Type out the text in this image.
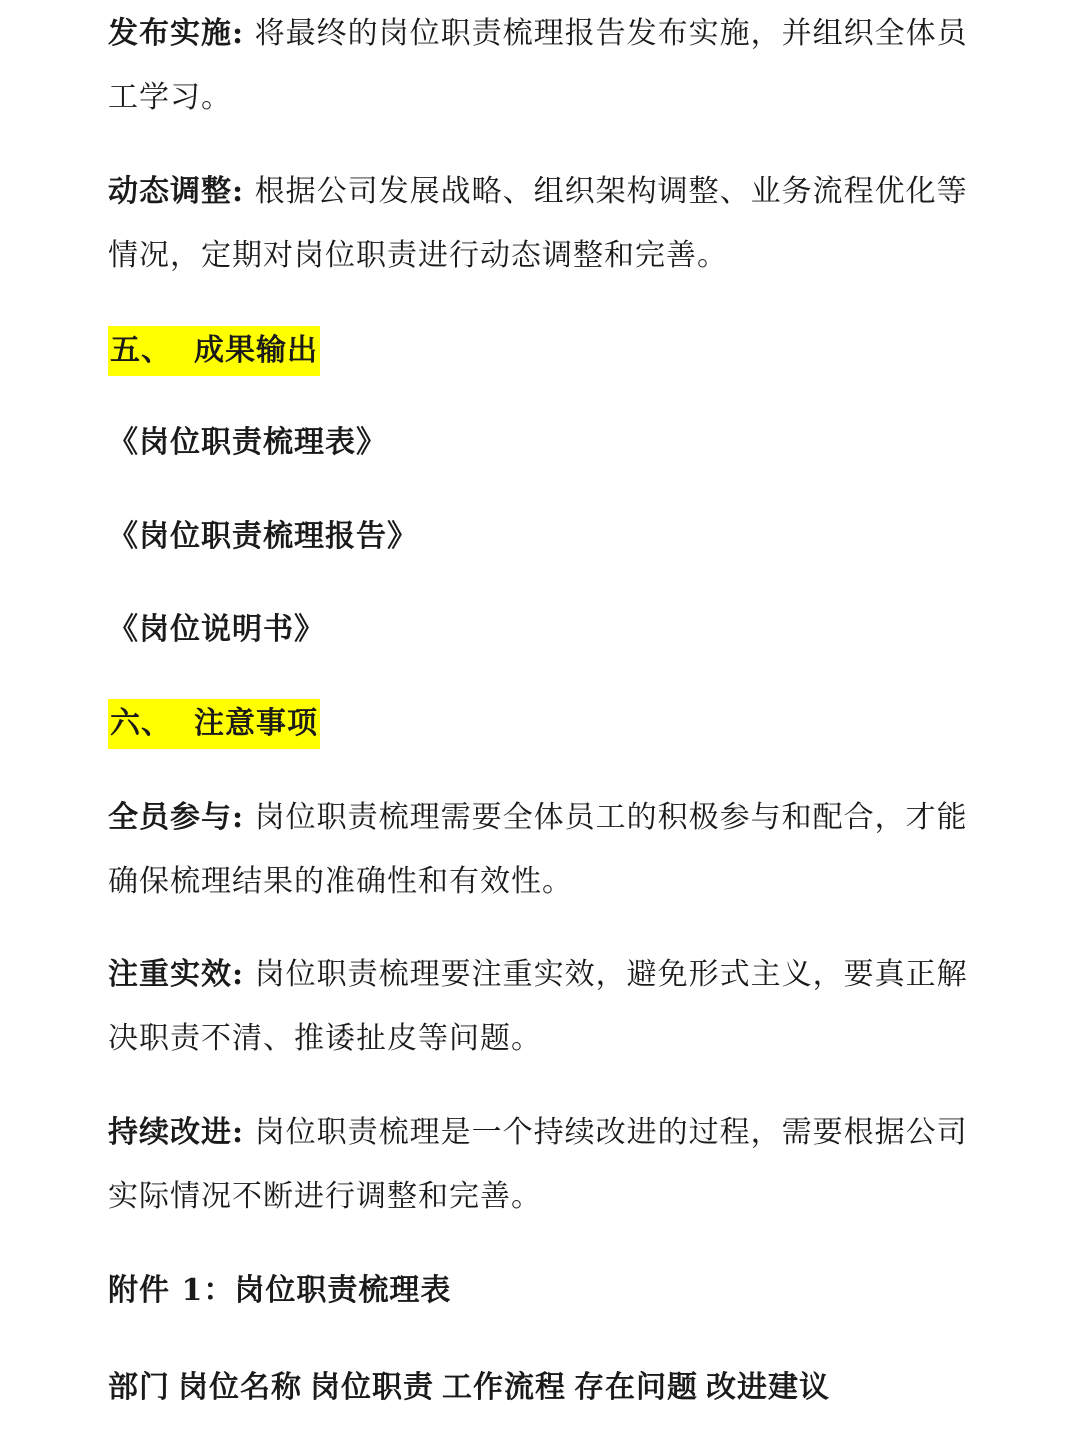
发布实施: 将最终的岗位职责梳理报告发布实施，并组织全体员工学习。
动态调整: 根据公司发展战略、组织架构调整、业务流程优化等情况，定期对岗位职责进行动态调整和完善。
五、 成果输出
《岗位职责梳理表》
《岗位职责梳理报告》
《岗位说明书》
六、 注意事项
全员参与: 岗位职责梳理需要全体员工的积极参与和配合，才能确保梳理结果的准确性和有效性。
注重实效: 岗位职责梳理要注重实效，避免形式主义，要真正解决职责不清、推诿扯皮等问题。
持续改进: 岗位职责梳理是一个持续改进的过程，需要根据公司实际情况不断进行调整和完善。
附件 1：岗位职责梳理表
部门 岗位名称 岗位职责 工作流程 存在问题 改进建议
